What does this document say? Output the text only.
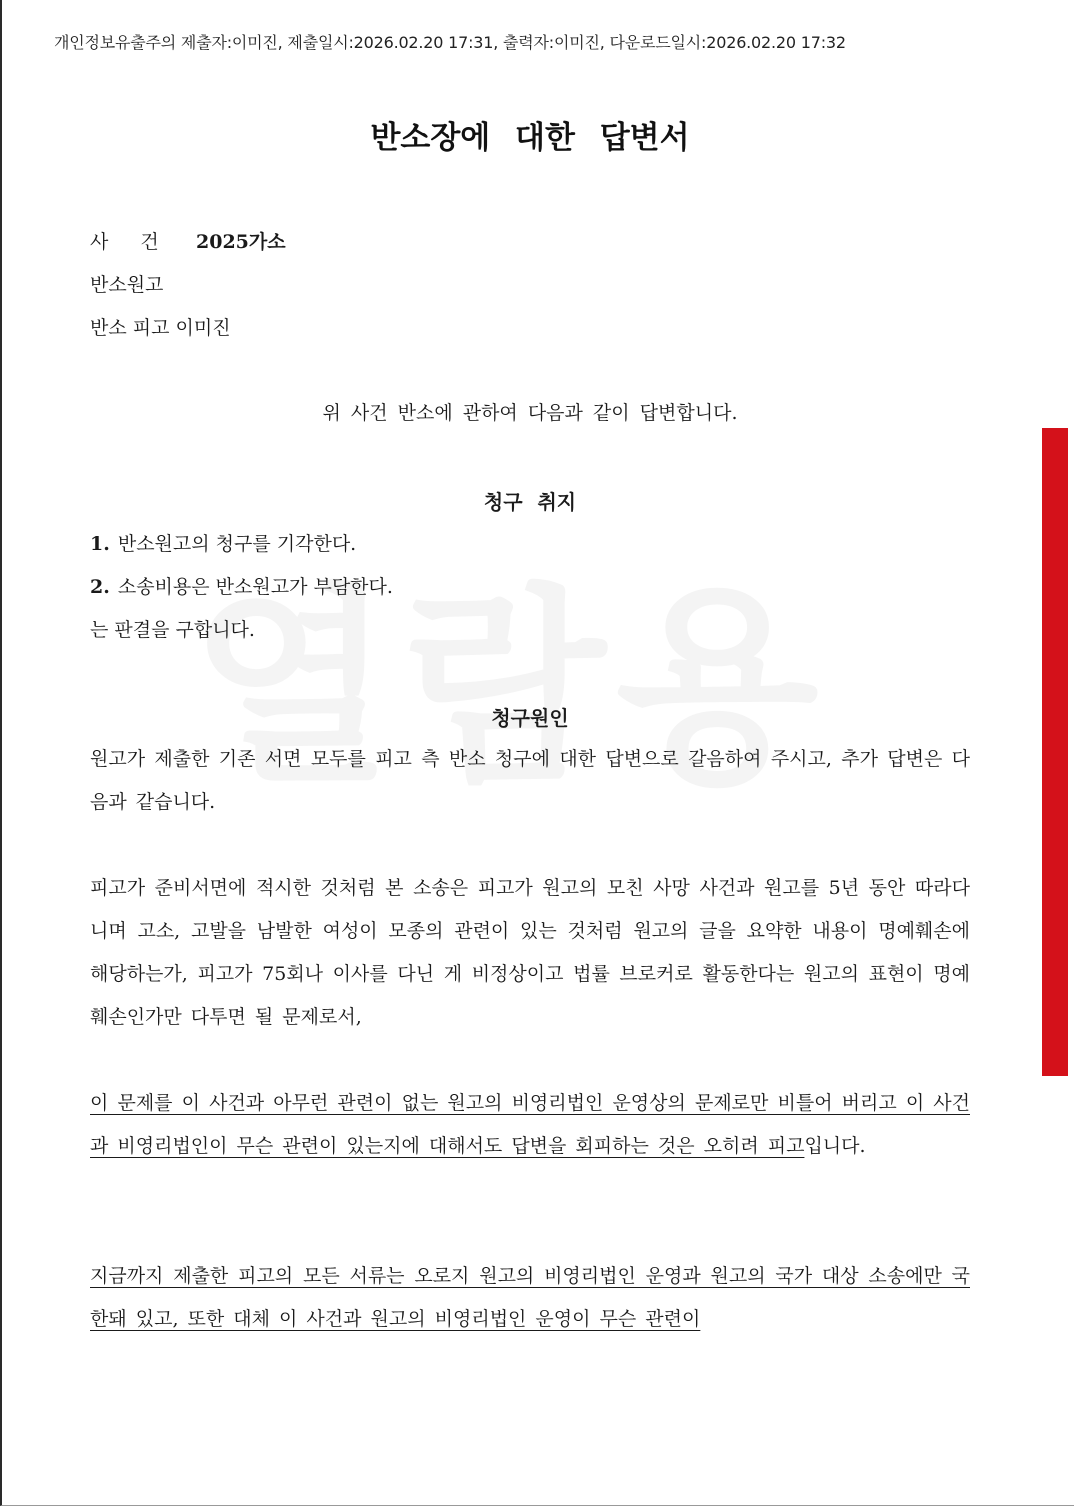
개인정보유출주의 제출자:이미진, 제출일시:2026.02.20 17:31, 출력자:이미진, 다운로드일시:2026.02.20 17:32
반소장에 대한 답변서
사건 2025가소
반소원고
반소 피고 이미진
위 사건 반소에 관하여 다음과 같이 답변합니다.
청구 취지
1. 반소원고의 청구를 기각한다.
2. 소송비용은 반소원고가 부담한다.
는 판결을 구합니다.
청구원인
원고가 제출한 기존 서면 모두를 피고 측 반소 청구에 대한 답변으로 갈음하여 주시고, 추가 답변은 다음과 같습니다.
피고가 준비서면에 적시한 것처럼 본 소송은 피고가 원고의 모친 사망 사건과 원고를 5년 동안 따라다니며 고소, 고발을 남발한 여성이 모종의 관련이 있는 것처럼 원고의 글을 요약한 내용이 명예훼손에 해당하는가, 피고가 75회나 이사를 다닌 게 비정상이고 법률 브로커로 활동한다는 원고의 표현이 명예훼손인가만 다투면 될 문제로서,
이 문제를 이 사건과 아무런 관련이 없는 원고의 비영리법인 운영상의 문제로만 비틀어 버리고 이 사건과 비영리법인이 무슨 관련이 있는지에 대해서도 답변을 회피하는 것은 오히려 피고입니다.
지금까지 제출한 피고의 모든 서류는 오로지 원고의 비영리법인 운영과 원고의 국가 대상 소송에만 국한돼 있고, 또한 대체 이 사건과 원고의 비영리법인 운영이 무슨 관련이
